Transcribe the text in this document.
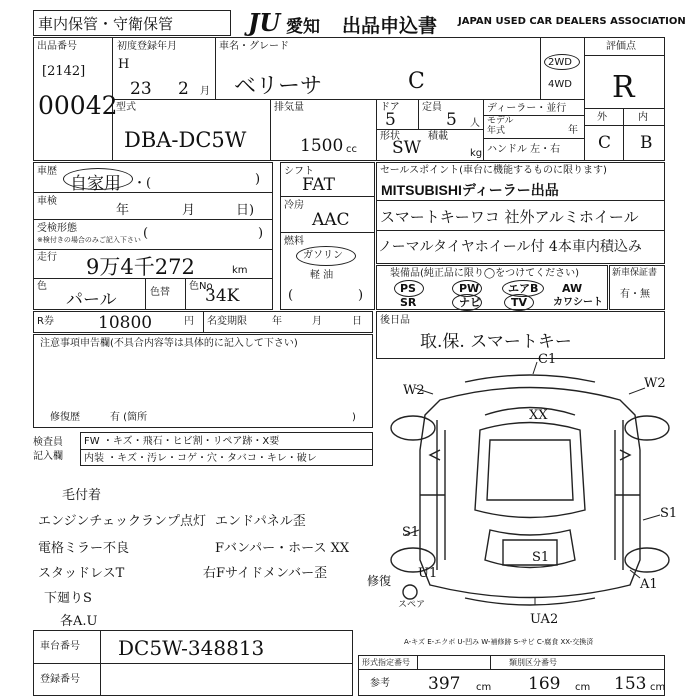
車内保管・守衛保管	JU 愛知 出品申込書 JAPAN USED CAR DEALERS ASSOCIATION
出品番号
[2142]
00042
初度登録年月
H
23 2 月
車名・グレード
ベリーサ	C
2WD
4WD
評価点
R
外	内
C B
型式
DBA-DC5W
排気量
1500 cc
ドア
5
定員
5 人
形状
SW
積載
kg
ディーラー・並行
モデル
年式	年
ハンドル 左・右
車歴
自家用 ・(	)
車検
年	月	日)
受検形態
※検付きの場合のみご記入下さい (	)
走行 9万4千272	km
色
パール	色替
色No
34K
シフト
FAT
冷房
AAC
燃料
ガソリン
軽 油
(	)
セールスポイント(車台に機能するものに限ります)
MITSUBISHIディーラー出品
スマートキーワコ 社外アルミホイール
ノーマルタイヤホイール付 4本車内積込み
装備品(純正品に限り◯をつけてください)
PS	PW	エアB AW
SR	ナビ	TV	カワシート
新車保証書
有・無
R券	10800	円 名変期限	年	月	日 後日品
取.保. スマートキー
注意事項申告欄(不具合内容等は具体的に記入して下さい)
修復歴	有 (箇所	)
検査員
記入欄
FW ・キズ・飛石・ヒビ割・リペア跡・X要
内装 ・キズ・汚レ・コゲ・穴・タバコ・キレ・破レ
毛付着
エンジンチェックランプ点灯
電格ミラー不良
スタッドレスT
下廻りS
各A.U
エンドパネル歪
Fバンパー・ホース XX
右Fサイドメンバー歪
C1
W2	W2
XX
S1
S1
S1
U1
A1
UA2
スペア
修復
A-キズ E-エクボ U-凹み W-補修跡 S-サビ C-腐食 XX-交換済
車台番号 DC5W-348813
登録番号
形式指定番号	類別区分番号
参考 397 cm 169 cm 153 cm
